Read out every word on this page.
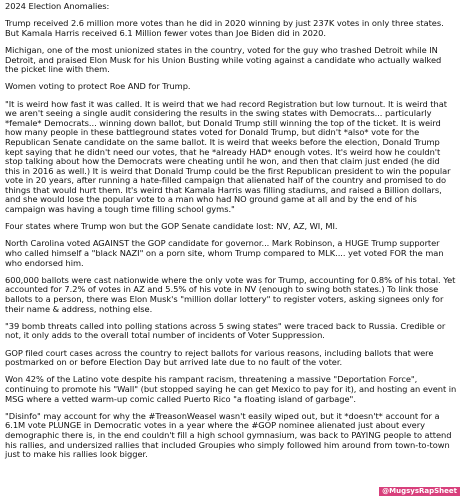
2024 Election Anomalies:

Trump received 2.6 million more votes than he did in 2020 winning by just 237K votes in only three states. But Kamala Harris received 6.1 Million fewer votes than Joe Biden did in 2020.

Michigan, one of the most unionized states in the country, voted for the guy who trashed Detroit while IN Detroit, and praised Elon Musk for his Union Busting while voting against a candidate who actually walked the picket line with them.

Women voting to protect Roe AND for Trump.

"It is weird how fast it was called. It is weird that we had record Registration but low turnout. It is weird that we aren't seeing a single audit considering the results in the swing states with Democrats... particularly *female* Democrats... winning down ballot, but Donald Trump still winning the top of the ticket. It is weird how many people in these battleground states voted for Donald Trump, but didn't *also* vote for the Republican Senate candidate on the same ballot. It is weird that weeks before the election, Donald Trump kept saying that he didn't need our votes, that he *already HAD* enough votes. It's weird how he couldn't stop talking about how the Democrats were cheating until he won, and then that claim just ended (he did this in 2016 as well.) It is weird that Donald Trump could be the first Republican president to win the popular vote in 20 years, after running a hate-filled campaign that alienated half of the country and promised to do things that would hurt them. It's weird that Kamala Harris was filling stadiums, and raised a Billion dollars, and she would lose the popular vote to a man who had NO ground game at all and by the end of his campaign was having a tough time filling school gyms."

Four states where Trump won but the GOP Senate candidate lost: NV, AZ, WI, MI.

North Carolina voted AGAINST the GOP candidate for governor... Mark Robinson, a HUGE Trump supporter who called himself a "black NAZI" on a porn site, whom Trump compared to MLK.... yet voted FOR the man who endorsed him.

600,000 ballots were cast nationwide where the only vote was for Trump, accounting for 0.8% of his total. Yet accounted for 7.2% of votes in AZ and 5.5% of his vote in NV (enough to swing both states.) To link those ballots to a person, there was Elon Musk's "million dollar lottery" to register voters, asking signees only for their name & address, nothing else.

"39 bomb threats called into polling stations across 5 swing states" were traced back to Russia. Credible or not, it only adds to the overall total number of incidents of Voter Suppression.

GOP filed court cases across the country to reject ballots for various reasons, including ballots that were postmarked on or before Election Day but arrived late due to no fault of the voter.

Won 42% of the Latino vote despite his rampant racism, threatening a massive "Deportation Force", continuing to promote his "Wall" (but stopped saying he can get Mexico to pay for it), and hosting an event in MSG where a vetted warm-up comic called Puerto Rico "a floating island of garbage".

"Disinfo" may account for why the #TreasonWeasel wasn't easily wiped out, but it *doesn't* account for a 6.1M vote PLUNGE in Democratic votes in a year where the #GOP nominee alienated just about every demographic there is, in the end couldn't fill a high school gymnasium, was back to PAYING people to attend his rallies, and undersized rallies that included Groupies who simply followed him around from town-to-town just to make his rallies look bigger.

@MugsysRapSheet
